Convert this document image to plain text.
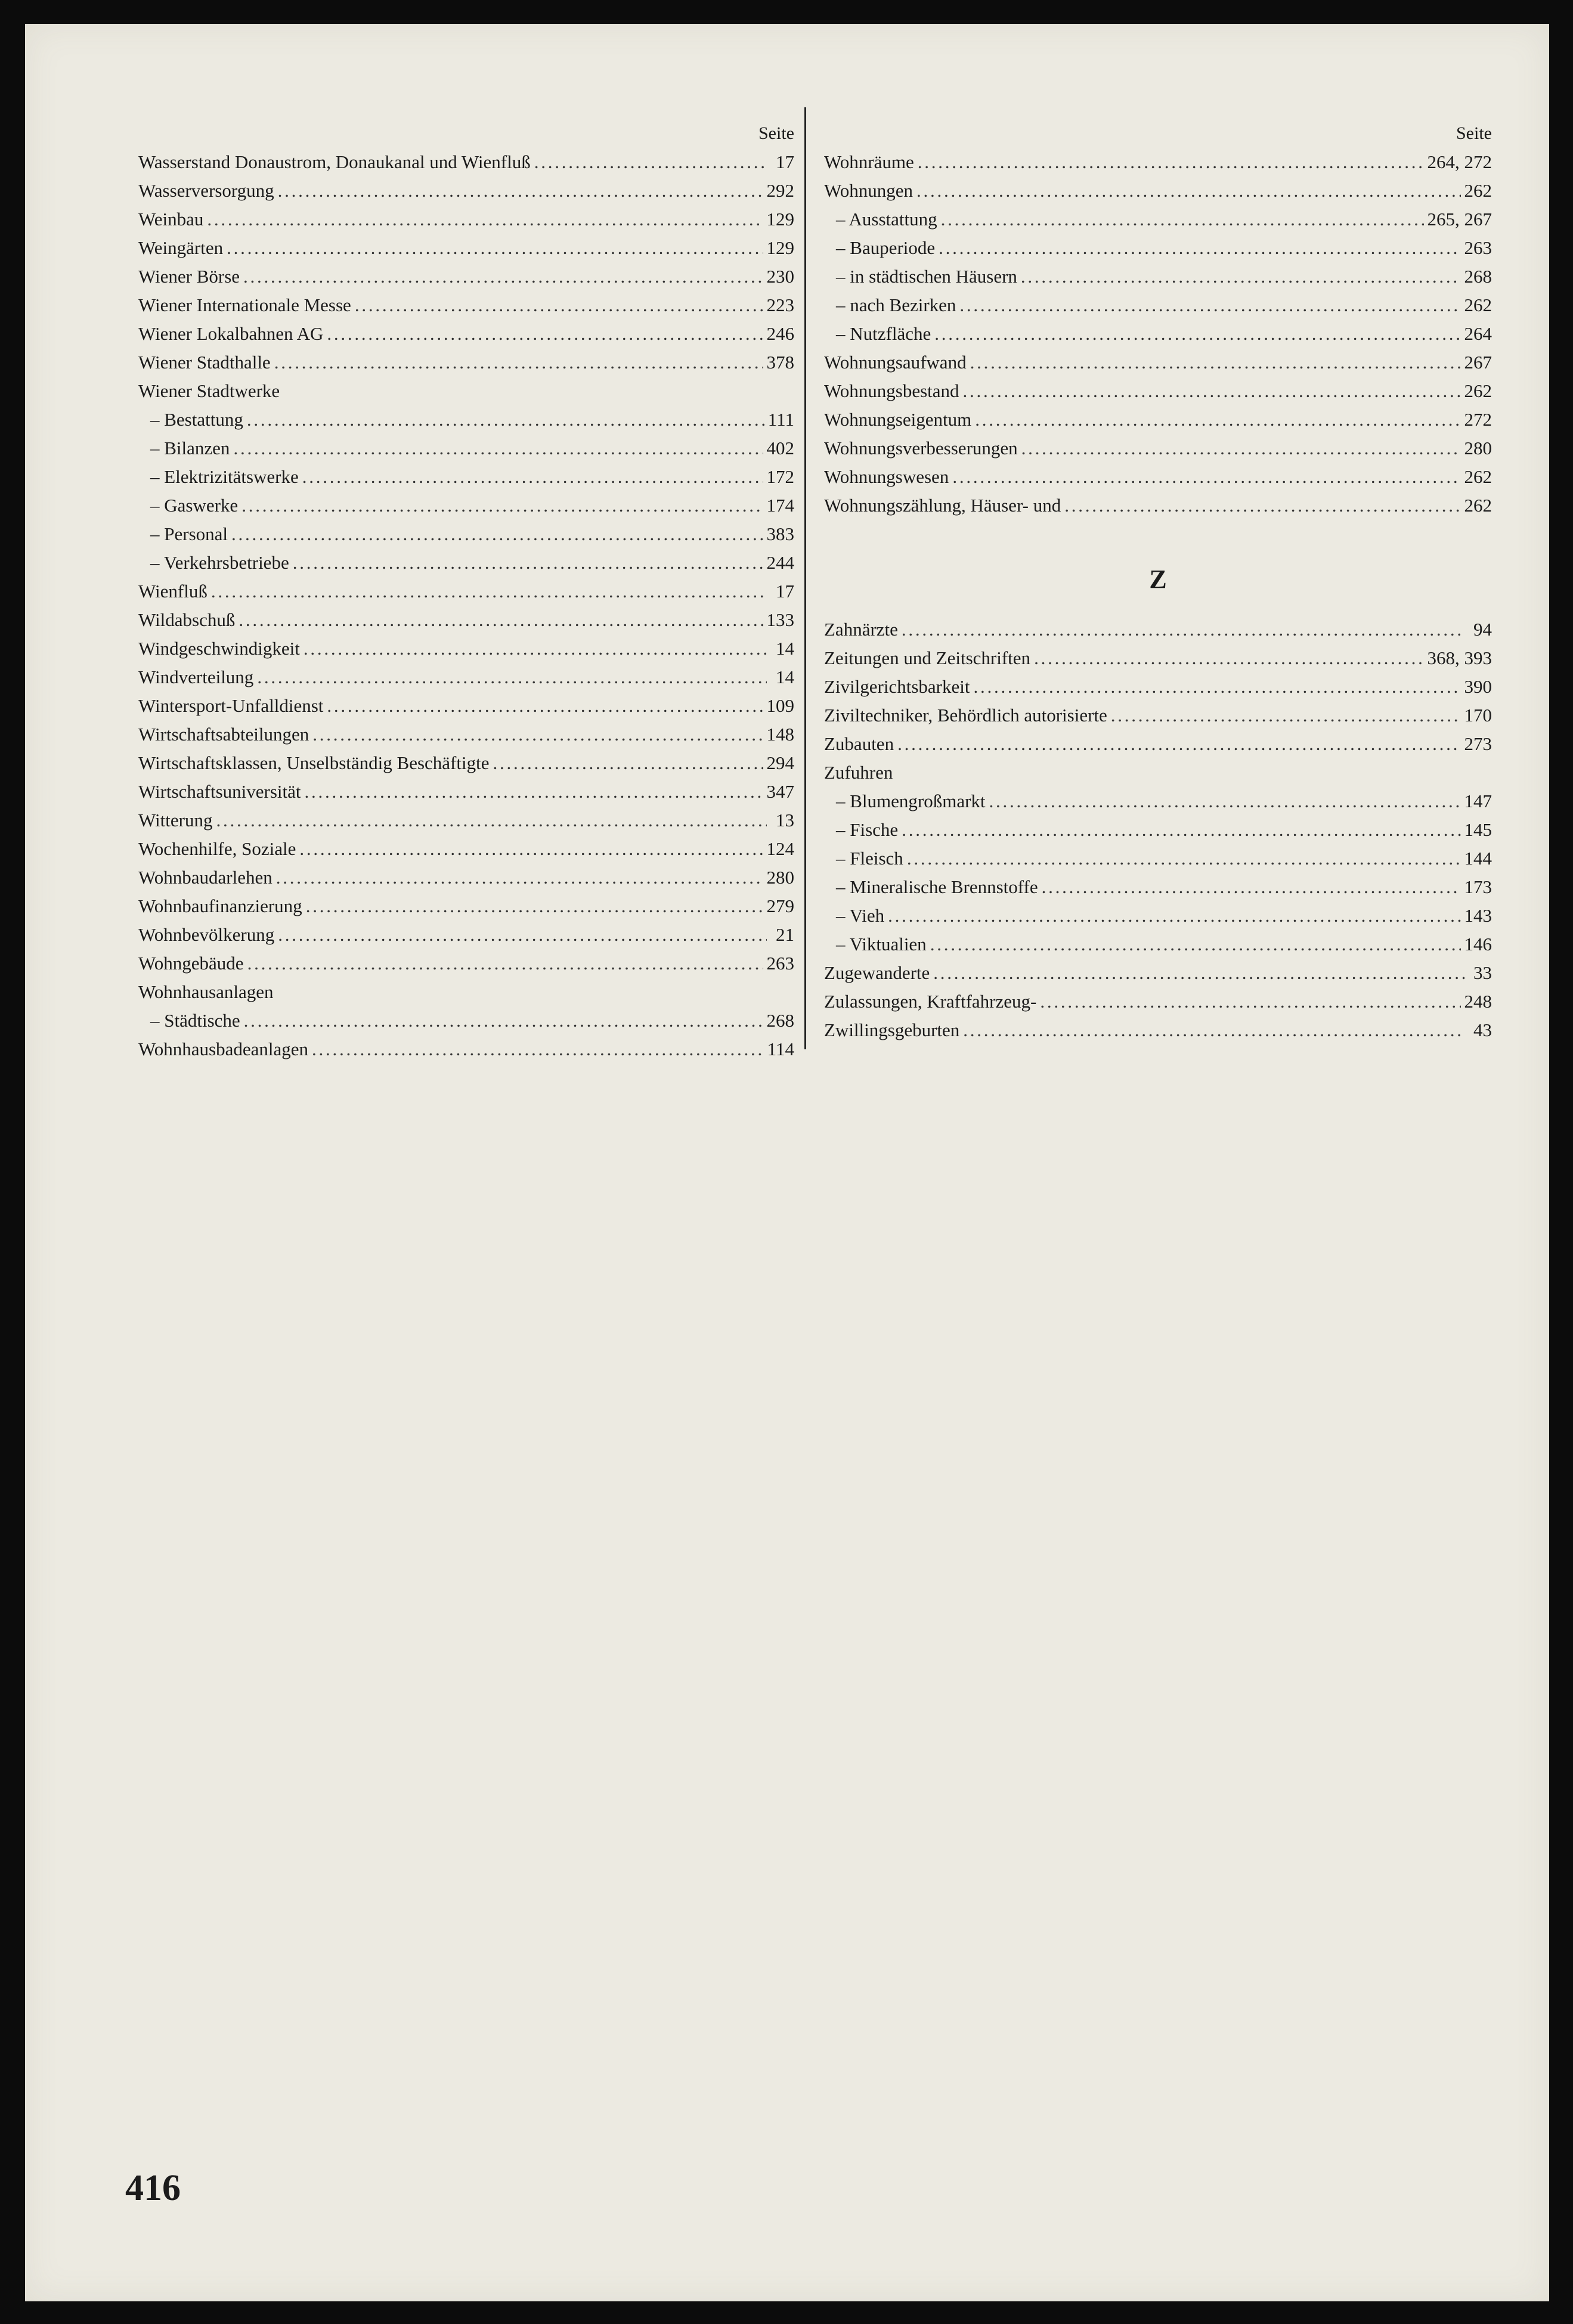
Seite
Wasserstand Donaustrom, Donaukanal und Wienfluß . . .	17
Wasserversorgung . . .	292
Weinbau . . .	129
Weingärten . . .	129
Wiener Börse . . .	230
Wiener Internationale Messe . . .	223
Wiener Lokalbahnen AG . . .	246
Wiener Stadthalle . . .	378
Wiener Stadtwerke
– Bestattung . . .	111
– Bilanzen . . .	402
– Elektrizitätswerke . . .	172
– Gaswerke . . .	174
– Personal . . .	383
– Verkehrsbetriebe . . .	244
Wienfluß . . .	17
Wildabschuß . . .	133
Windgeschwindigkeit . . .	14
Windverteilung . . .	14
Wintersport-Unfalldienst . . .	109
Wirtschaftsabteilungen . . .	148
Wirtschaftsklassen, Unselbständig Beschäftigte . . .	294
Wirtschaftsuniversität . . .	347
Witterung . . .	13
Wochenhilfe, Soziale . . .	124
Wohnbaudarlehen . . .	280
Wohnbaufinanzierung . . .	279
Wohnbevölkerung . . .	21
Wohngebäude . . .	263
Wohnhausanlagen
– Städtische . . .	268
Wohnhausbadeanlagen . . .	114
Seite
Wohnräume . . .	264, 272
Wohnungen . . .	262
– Ausstattung . . .	265, 267
– Bauperiode . . .	263
– in städtischen Häusern . . .	268
– nach Bezirken . . .	262
– Nutzfläche . . .	264
Wohnungsaufwand . . .	267
Wohnungsbestand . . .	262
Wohnungseigentum . . .	272
Wohnungsverbesserungen . . .	280
Wohnungswesen . . .	262
Wohnungszählung, Häuser- und . . .	262
Z
Zahnärzte . . .	94
Zeitungen und Zeitschriften . . .	368, 393
Zivilgerichtsbarkeit . . .	390
Ziviltechniker, Behördlich autorisierte . . .	170
Zubauten . . .	273
Zufuhren
– Blumengroßmarkt . . .	147
– Fische . . .	145
– Fleisch . . .	144
– Mineralische Brennstoffe . . .	173
– Vieh . . .	143
– Viktualien . . .	146
Zugewanderte . . .	33
Zulassungen, Kraftfahrzeug- . . .	248
Zwillingsgeburten . . .	43
416
